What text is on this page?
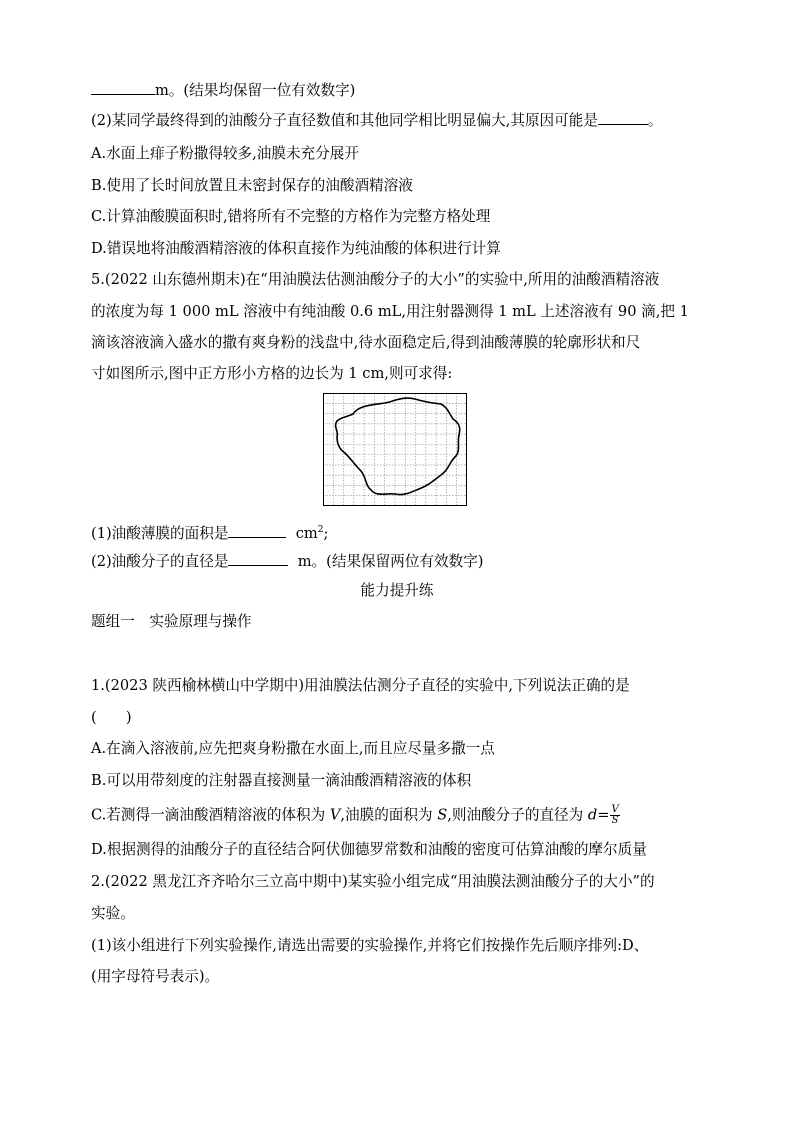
m。(结果均保留一位有效数字)
(2)某同学最终得到的油酸分子直径数值和其他同学相比明显偏大,其原因可能是	。
A.水面上痱子粉撒得较多,油膜未充分展开
B.使用了长时间放置且未密封保存的油酸酒精溶液
C.计算油酸膜面积时,错将所有不完整的方格作为完整方格处理
D.错误地将油酸酒精溶液的体积直接作为纯油酸的体积进行计算
5.(2022 山东德州期末)在“用油膜法估测油酸分子的大小”的实验中,所用的油酸酒精溶液
的浓度为每 1 000 mL 溶液中有纯油酸 0.6 mL,用注射器测得 1 mL 上述溶液有 90 滴,把 1
滴该溶液滴入盛水的撒有爽身粉的浅盘中,待水面稳定后,得到油酸薄膜的轮廓形状和尺
寸如图所示,图中正方形小方格的边长为 1 cm,则可求得:
(1)油酸薄膜的面积是	$cm^2$;
(2)油酸分子的直径是	m。(结果保留两位有效数字)
能力提升练
题组一　实验原理与操作
1.(2023 陕西榆林横山中学期中)用油膜法估测分子直径的实验中,下列说法正确的是
(　　)
A.在滴入溶液前,应先把爽身粉撒在水面上,而且应尽量多撒一点
B.可以用带刻度的注射器直接测量一滴油酸酒精溶液的体积
C.若测得一滴油酸酒精溶液的体积为 V,油膜的面积为 S,则油酸分子的直径为 $d= \frac{V}{S}$
D.根据测得的油酸分子的直径结合阿伏伽德罗常数和油酸的密度可估算油酸的摩尔质量
2.(2022 黑龙江齐齐哈尔三立高中期中)某实验小组完成“用油膜法测油酸分子的大小”的
实验。
(1)该小组进行下列实验操作,请选出需要的实验操作,并将它们按操作先后顺序排列:D、
(用字母符号表示)。
